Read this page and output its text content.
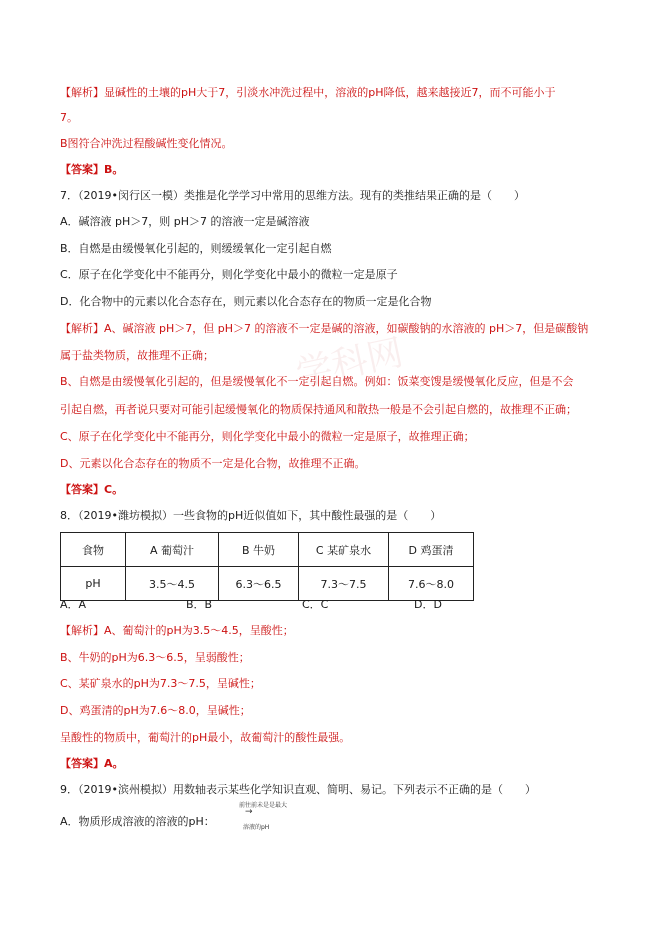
【解析】显碱性的土壤的pH大于7，引淡水冲洗过程中，溶液的pH降低，越来越接近7，而不可能小于
7。
B图符合冲洗过程酸碱性变化情况。
【答案】B。
7．（2019•闵行区一模）类推是化学学习中常用的思维方法。现有的类推结果正确的是（　　）
A．碱溶液 pH＞7，则 pH＞7 的溶液一定是碱溶液
B．自燃是由缓慢氧化引起的，则缓缓氧化一定引起自燃
C．原子在化学变化中不能再分，则化学变化中最小的微粒一定是原子
D．化合物中的元素以化合态存在，则元素以化合态存在的物质一定是化合物
学科网
【解析】A、碱溶液 pH＞7，但 pH＞7 的溶液不一定是碱的溶液，如碳酸钠的水溶液的 pH＞7，但是碳酸钠
属于盐类物质，故推理不正确；
B、自燃是由缓慢氧化引起的，但是缓慢氧化不一定引起自燃。例如：饭菜变馊是缓慢氧化反应，但是不会
引起自燃，再者说只要对可能引起缓慢氧化的物质保持通风和散热一般是不会引起自燃的，故推理不正确；
C、原子在化学变化中不能再分，则化学变化中最小的微粒一定是原子，故推理正确；
D、元素以化合态存在的物质不一定是化合物，故推理不正确。
【答案】C。
8．（2019•潍坊模拟）一些食物的pH近似值如下，其中酸性最强的是（　　）
食物	A 葡萄汁	B 牛奶	C 某矿泉水	D 鸡蛋清
pH	3.5～4.5	6.3～6.5	7.3～7.5	7.6～8.0
A．A	B．B	C．C	D．D
【解析】A、葡萄汁的pH为3.5～4.5，呈酸性；
B、牛奶的pH为6.3～6.5，呈弱酸性；
C、某矿泉水的pH为7.3～7.5，呈碱性；
D、鸡蛋清的pH为7.6～8.0，呈碱性；
呈酸性的物质中，葡萄汁的pH最小，故葡萄汁的酸性最强。
【答案】A。
9．（2019•滨州模拟）用数轴表示某些化学知识直观、简明、易记。下列表示不正确的是（　　）
A．物质形成溶液的溶液的pH：
前往前未是是最大
→
溶液的pH
